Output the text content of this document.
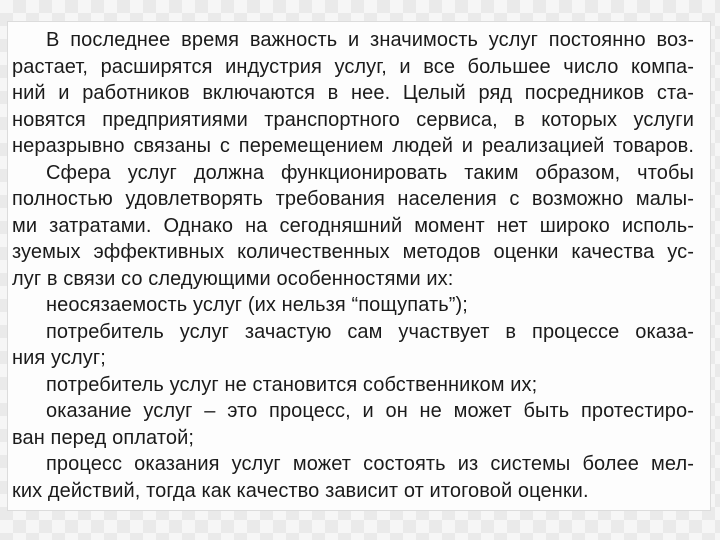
В последнее время важность и значимость услуг постоянно воз-
растает, расширятся индустрия услуг, и все большее число компа-
ний и работников включаются в нее. Целый ряд посредников ста-
новятся предприятиями транспортного сервиса, в которых услуги
неразрывно связаны с перемещением людей и реализацией товаров.
Сфера услуг должна функционировать таким образом, чтобы
полностью удовлетворять требования населения с возможно малы-
ми затратами. Однако на сегодняшний момент нет широко исполь-
зуемых эффективных количественных методов оценки качества ус-
луг в связи со следующими особенностями их:
неосязаемость услуг (их нельзя “пощупать”);
потребитель услуг зачастую сам участвует в процессе оказа-
ния услуг;
потребитель услуг не становится собственником их;
оказание услуг – это процесс, и он не может быть протестиро-
ван перед оплатой;
процесс оказания услуг может состоять из системы более мел-
ких действий, тогда как качество зависит от итоговой оценки.
